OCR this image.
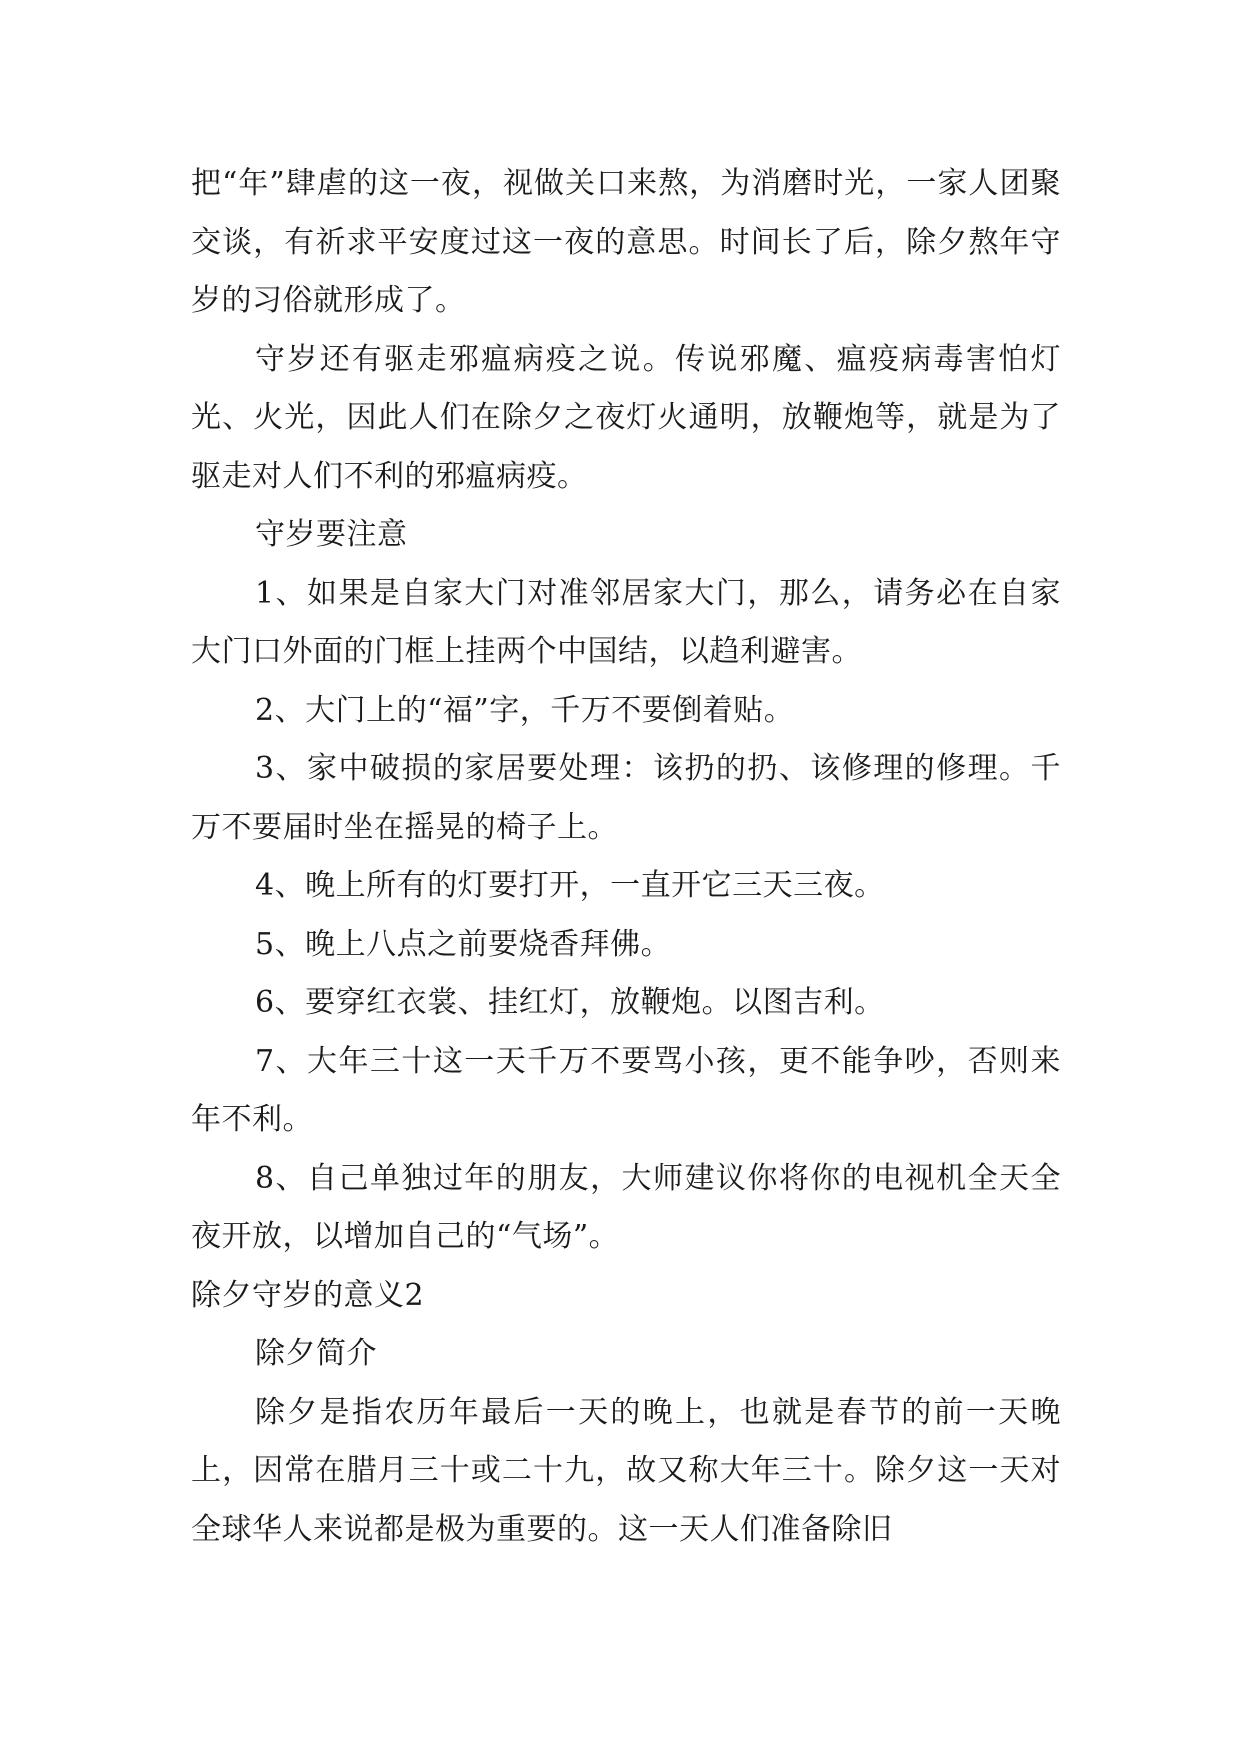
把“年”肆虐的这一夜，视做关口来熬，为消磨时光，一家人团聚交谈，有祈求平安度过这一夜的意思。时间长了后，除夕熬年守岁的习俗就形成了。

守岁还有驱走邪瘟病疫之说。传说邪魔、瘟疫病毒害怕灯光、火光，因此人们在除夕之夜灯火通明，放鞭炮等，就是为了驱走对人们不利的邪瘟病疫。

守岁要注意

1、如果是自家大门对准邻居家大门，那么，请务必在自家大门口外面的门框上挂两个中国结，以趋利避害。

2、大门上的“福”字，千万不要倒着贴。

3、家中破损的家居要处理：该扔的扔、该修理的修理。千万不要届时坐在摇晃的椅子上。

4、晚上所有的灯要打开，一直开它三天三夜。

5、晚上八点之前要烧香拜佛。

6、要穿红衣裳、挂红灯，放鞭炮。以图吉利。

7、大年三十这一天千万不要骂小孩，更不能争吵，否则来年不利。

8、自己单独过年的朋友，大师建议你将你的电视机全天全夜开放，以增加自己的“气场”。

除夕守岁的意义2

除夕简介

除夕是指农历年最后一天的晚上，也就是春节的前一天晚上，因常在腊月三十或二十九，故又称大年三十。除夕这一天对全球华人来说都是极为重要的。这一天人们准备除旧
